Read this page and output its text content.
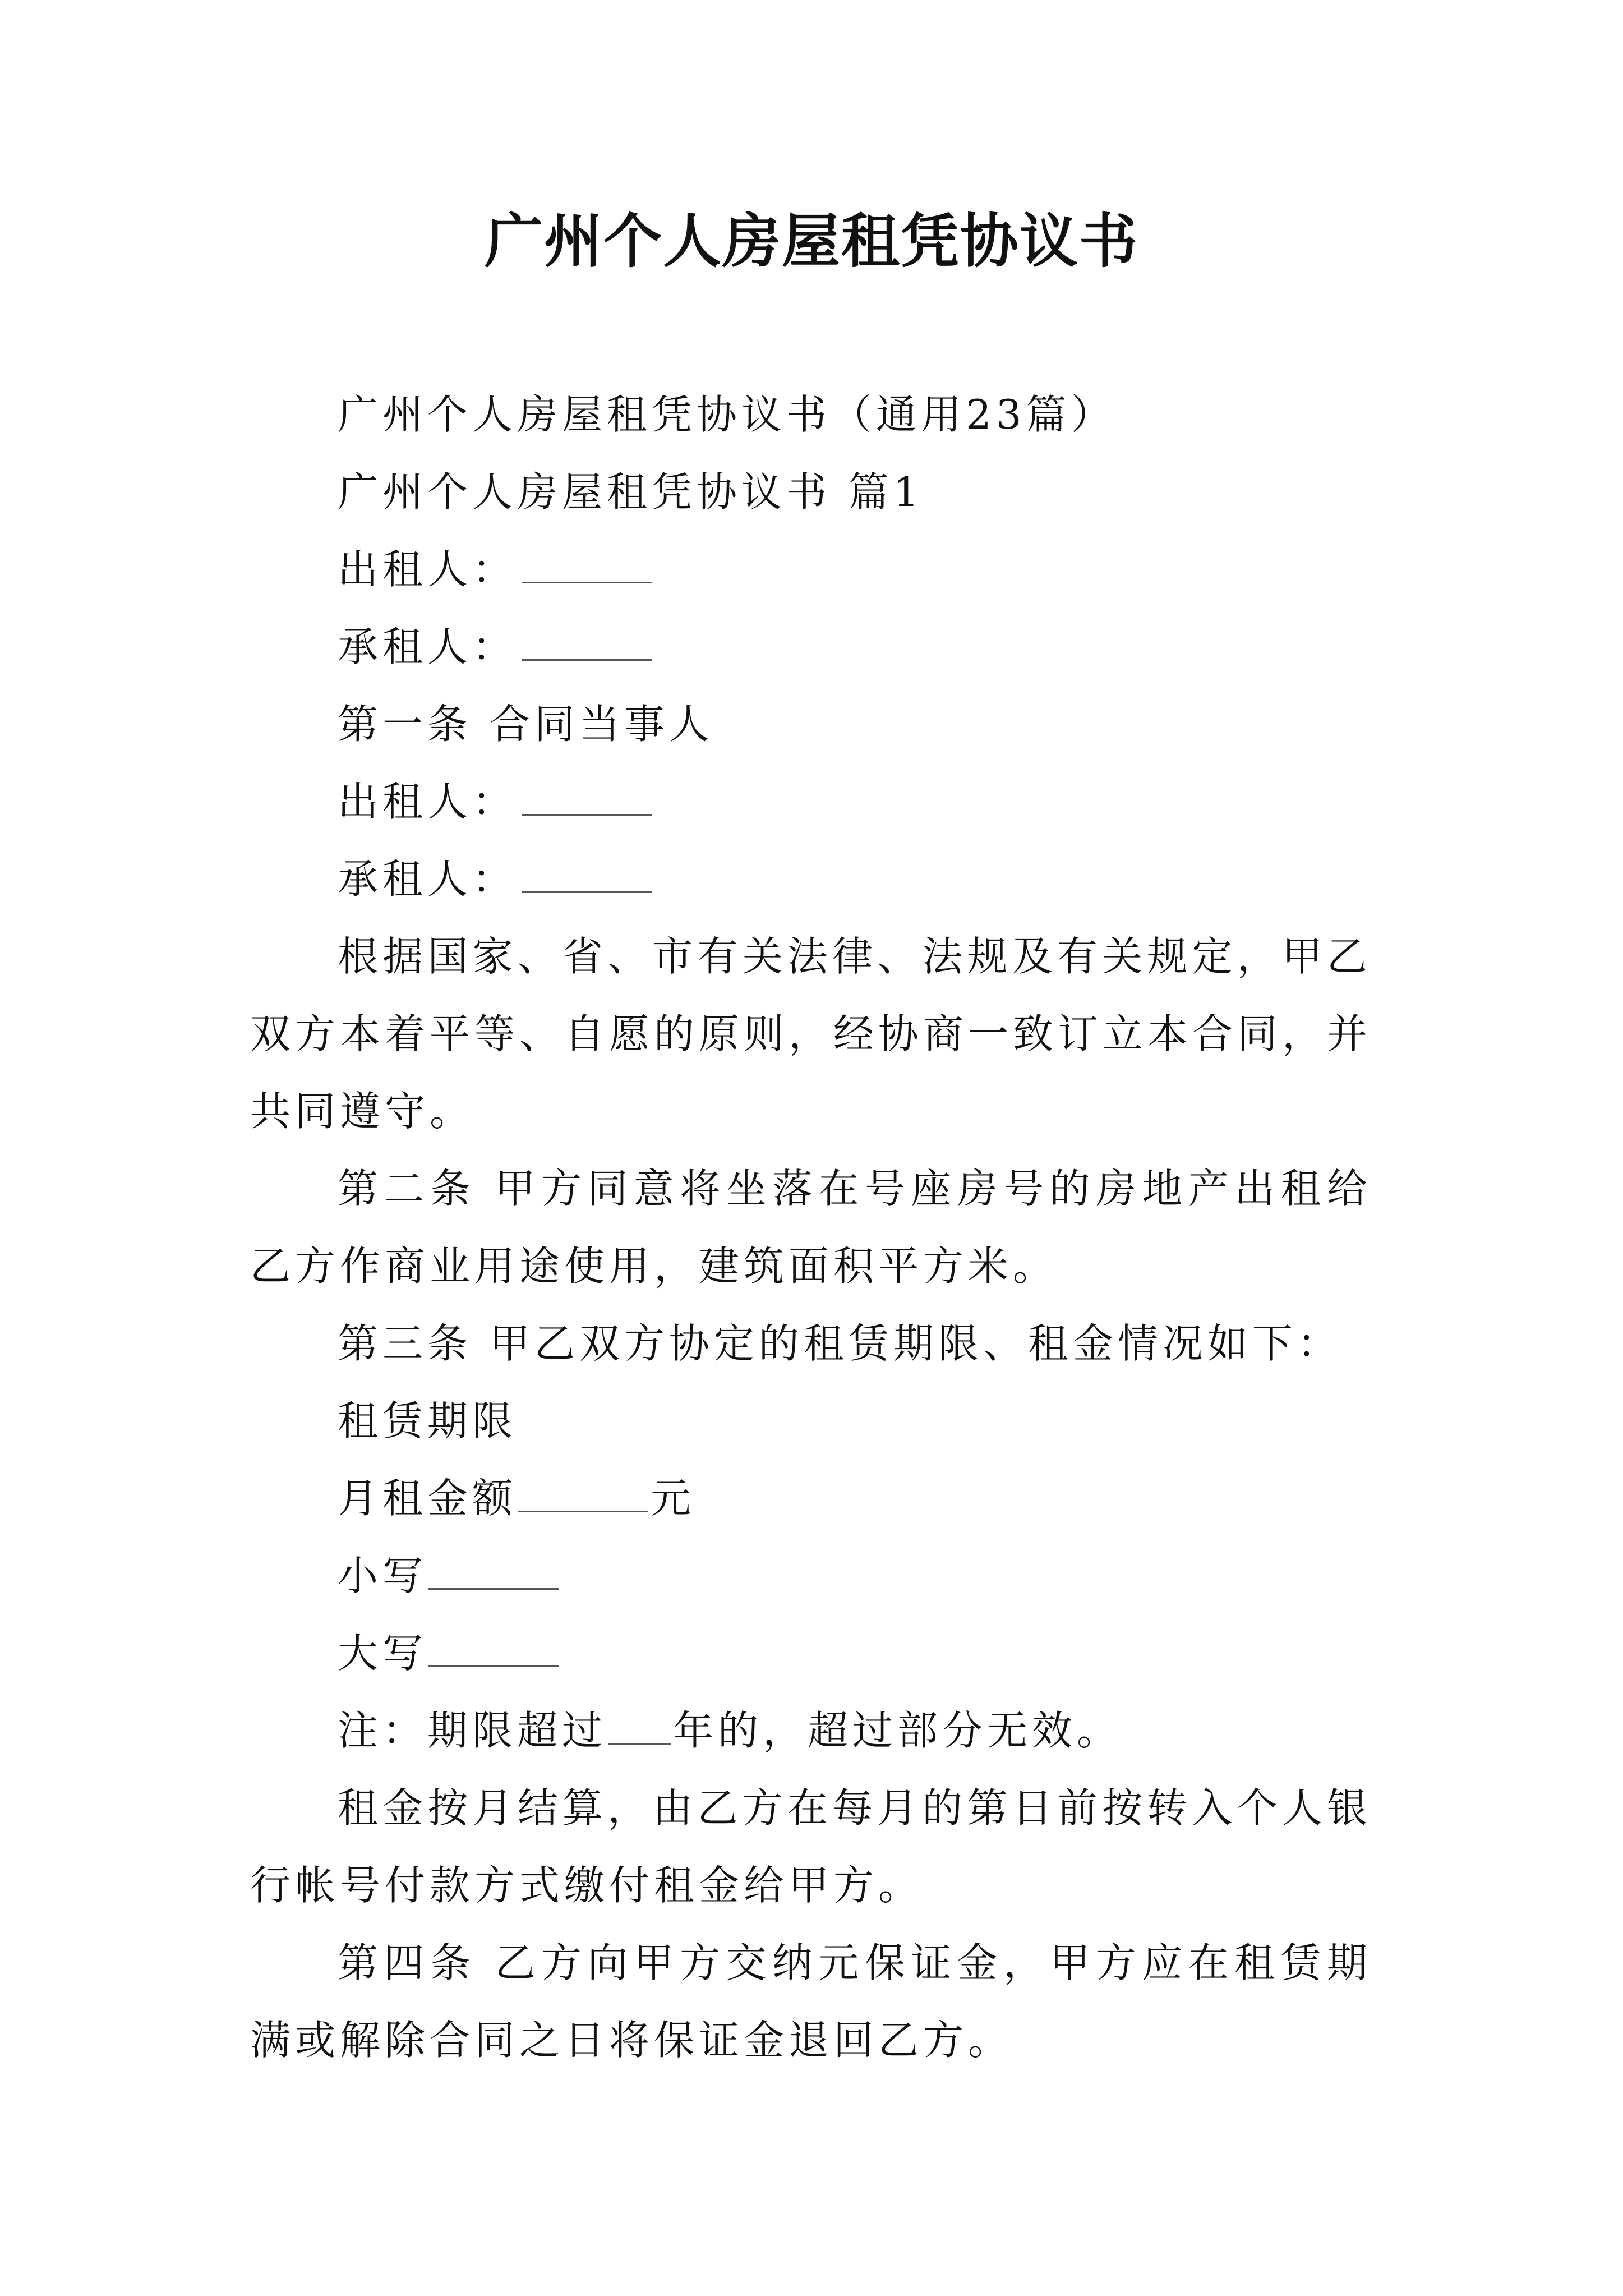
广州个人房屋租凭协议书

广州个人房屋租凭协议书（通用23篇）

广州个人房屋租凭协议书 篇1

出租人：

承租人：

第一条 合同当事人

出租人：

承租人：

根据国家、省、市有关法律、法规及有关规定，甲乙双方本着平等、自愿的原则，经协商一致订立本合同，并共同遵守。

第二条 甲方同意将坐落在号座房号的房地产出租给乙方作商业用途使用，建筑面积平方米。

第三条 甲乙双方协定的租赁期限、租金情况如下：

租赁期限

月租金额	元

小写

大写

注：期限超过 年的，超过部分无效。

租金按月结算，由乙方在每月的第日前按转入个人银行帐号付款方式缴付租金给甲方。

第四条 乙方向甲方交纳元保证金，甲方应在租赁期满或解除合同之日将保证金退回乙方。
